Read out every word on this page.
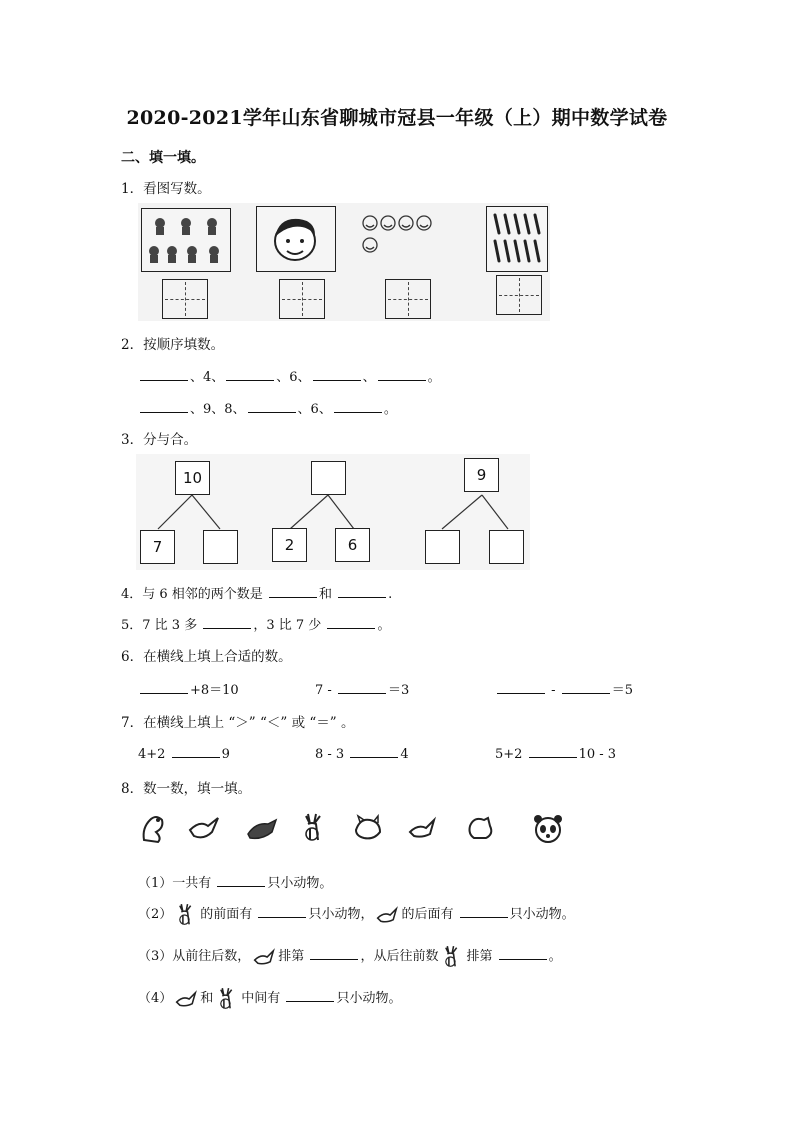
2020-2021学年山东省聊城市冠县一年级（上）期中数学试卷
二、填一填。
1．看图写数。
2．按顺序填数。
、4、	、6、	、	。
、9、8、	、6、	。
3．分与合。
10
7	2	6
9
4．与 6 相邻的两个数是	和	.
5．7 比 3 多	，3 比 7 少	。
6．在横线上填上合适的数。
+8＝10	7 -	＝3	-	＝5
7．在横线上填上 “＞” “＜” 或 “＝” 。
4+2	9	8 - 3	4	5+2	10 - 3
8．数一数，填一填。
（1）一共有	只小动物。
（2） 的前面有	只小动物， 的后面有	只小动物。
（3）从前往后数， 排第	，从后往前数 排第	。
（4） 和 中间有	只小动物。
